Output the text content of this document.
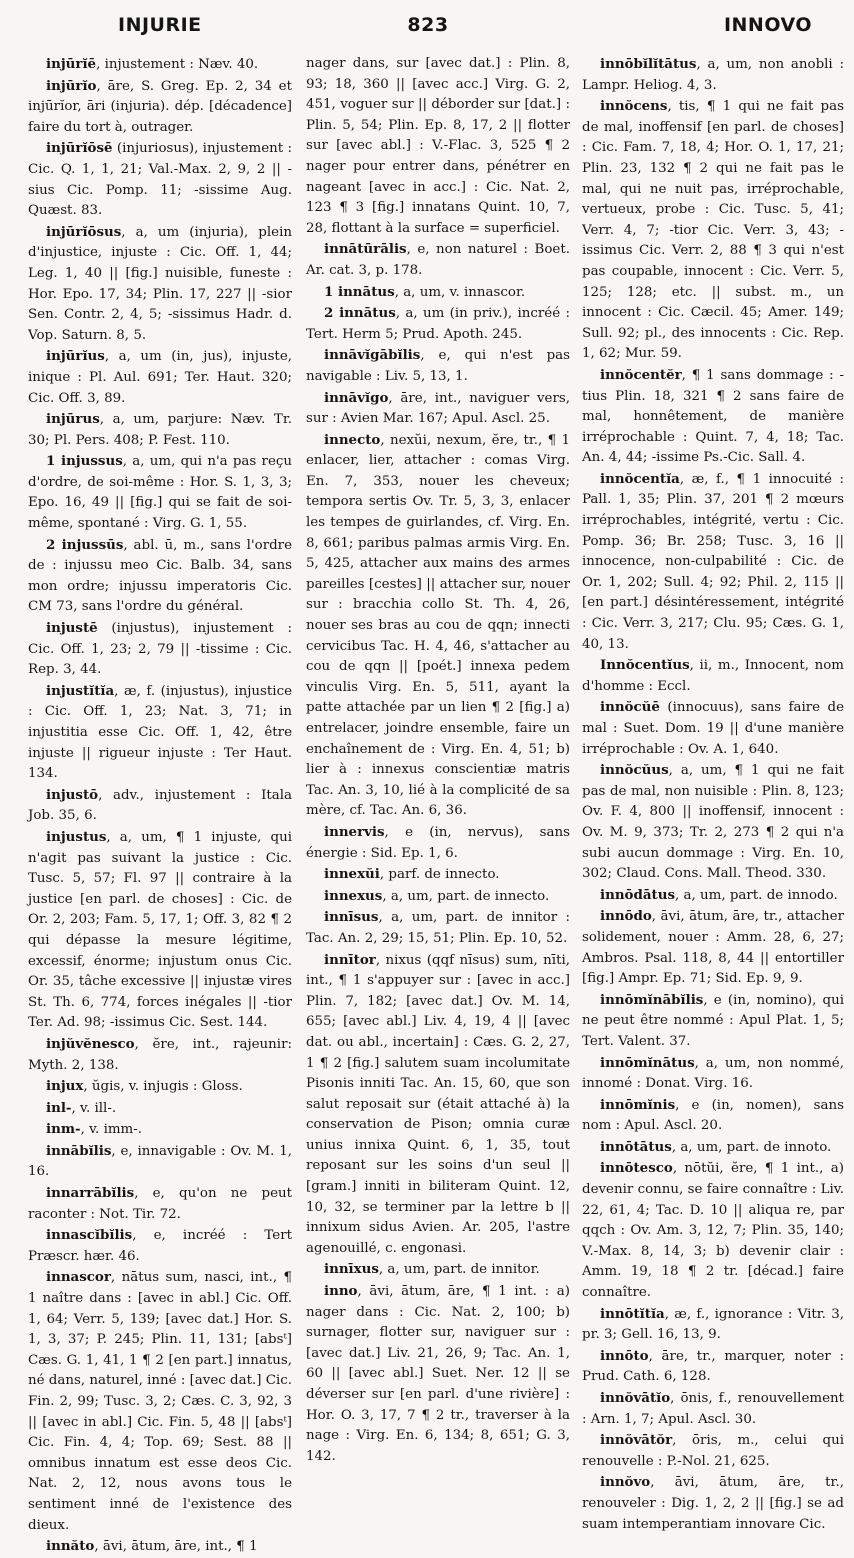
INJURIE	823	INNOVO

injūrĭē, injustement : Næv. 40.

injūrĭo, āre, S. Greg. Ep. 2, 34 et injūrĭor, āri (injuria). dép. [décadence] faire du tort à, outrager.

injūrĭōsē (injuriosus), injustement : Cic. Q. 1, 1, 21; Val.-Max. 2, 9, 2 || -sius Cic. Pomp. 11; -sissime Aug. Quæst. 83.

injūrĭōsus, a, um (injuria), plein d'injustice, injuste : Cic. Off. 1, 44; Leg. 1, 40 || [fig.] nuisible, funeste : Hor. Epo. 17, 34; Plin. 17, 227 || -sior Sen. Contr. 2, 4, 5; -sissimus Hadr. d. Vop. Saturn. 8, 5.

injūrĭus, a, um (in, jus), injuste, inique : Pl. Aul. 691; Ter. Haut. 320; Cic. Off. 3, 89.

injūrus, a, um, parjure: Næv. Tr. 30; Pl. Pers. 408; P. Fest. 110.

1 injussus, a, um, qui n'a pas reçu d'ordre, de soi-même : Hor. S. 1, 3, 3; Epo. 16, 49 || [fig.] qui se fait de soi-même, spontané : Virg. G. 1, 55.

2 injussūs, abl. ū, m., sans l'ordre de : injussu meo Cic. Balb. 34, sans mon ordre; injussu imperatoris Cic. CM 73, sans l'ordre du général.

injustē (injustus), injustement : Cic. Off. 1, 23; 2, 79 || -tissime : Cic. Rep. 3, 44.

injustĭtĭa, æ, f. (injustus), injustice : Cic. Off. 1, 23; Nat. 3, 71; in injustitia esse Cic. Off. 1, 42, être injuste || rigueur injuste : Ter Haut. 134.

injustō, adv., injustement : Itala Job. 35, 6.

injustus, a, um, ¶ 1 injuste, qui n'agit pas suivant la justice : Cic. Tusc. 5, 57; Fl. 97 || contraire à la justice [en parl. de choses] : Cic. de Or. 2, 203; Fam. 5, 17, 1; Off. 3, 82 ¶ 2 qui dépasse la mesure légitime, excessif, énorme; injustum onus Cic. Or. 35, tâche excessive || injustæ vires St. Th. 6, 774, forces inégales || -tior Ter. Ad. 98; -issimus Cic. Sest. 144.

injŭvĕnesco, ĕre, int., rajeunir: Myth. 2, 138.

injux, ŭgis, v. injugis : Gloss.

inl-, v. ill-.

inm-, v. imm-.

innābĭlis, e, innavigable : Ov. M. 1, 16.

innarrābĭlis, e, qu'on ne peut raconter : Not. Tir. 72.

innascĭbĭlis, e, incréé : Tert Præscr. hær. 46.

innascor, nātus sum, nasci, int., ¶ 1 naître dans : [avec in abl.] Cic. Off. 1, 64; Verr. 5, 139; [avec dat.] Hor. S. 1, 3, 37; P. 245; Plin. 11, 131; [absᵗ] Cæs. G. 1, 41, 1 ¶ 2 [en part.] innatus, né dans, naturel, inné : [avec dat.] Cic. Fin. 2, 99; Tusc. 3, 2; Cæs. C. 3, 92, 3 || [avec in abl.] Cic. Fin. 5, 48 || [absᵗ] Cic. Fin. 4, 4; Top. 69; Sest. 88 || omnibus innatum est esse deos Cic. Nat. 2, 12, nous avons tous le sentiment inné de l'existence des dieux.

innăto, āvi, ātum, āre, int., ¶ 1

nager dans, sur [avec dat.] : Plin. 8, 93; 18, 360 || [avec acc.] Virg. G. 2, 451, voguer sur || déborder sur [dat.] : Plin. 5, 54; Plin. Ep. 8, 17, 2 || flotter sur [avec abl.] : V.-Flac. 3, 525 ¶ 2 nager pour entrer dans, pénétrer en nageant [avec in acc.] : Cic. Nat. 2, 123 ¶ 3 [fig.] innatans Quint. 10, 7, 28, flottant à la surface = superficiel.

innātūrālis, e, non naturel : Boet. Ar. cat. 3, p. 178.

1 innātus, a, um, v. innascor.

2 innātus, a, um (in priv.), incréé : Tert. Herm 5; Prud. Apoth. 245.

innāvĭgābĭlis, e, qui n'est pas navigable : Liv. 5, 13, 1.

innāvĭgo, āre, int., naviguer vers, sur : Avien Mar. 167; Apul. Ascl. 25.

innecto, nexŭi, nexum, ĕre, tr., ¶ 1 enlacer, lier, attacher : comas Virg. En. 7, 353, nouer les cheveux; tempora sertis Ov. Tr. 5, 3, 3, enlacer les tempes de guirlandes, cf. Virg. En. 8, 661; paribus palmas armis Virg. En. 5, 425, attacher aux mains des armes pareilles [cestes] || attacher sur, nouer sur : bracchia collo St. Th. 4, 26, nouer ses bras au cou de qqn; innecti cervicibus Tac. H. 4, 46, s'attacher au cou de qqn || [poét.] innexa pedem vinculis Virg. En. 5, 511, ayant la patte attachée par un lien ¶ 2 [fig.] a) entrelacer, joindre ensemble, faire un enchaînement de : Virg. En. 4, 51; b) lier à : innexus conscientiæ matris Tac. An. 3, 10, lié à la complicité de sa mère, cf. Tac. An. 6, 36.

innervis, e (in, nervus), sans énergie : Sid. Ep. 1, 6.

innexŭi, parf. de innecto.

innexus, a, um, part. de innecto.

innīsus, a, um, part. de innitor : Tac. An. 2, 29; 15, 51; Plin. Ep. 10, 52.

innītor, nixus (qqf nīsus) sum, nīti, int., ¶ 1 s'appuyer sur : [avec in acc.] Plin. 7, 182; [avec dat.] Ov. M. 14, 655; [avec abl.] Liv. 4, 19, 4 || [avec dat. ou abl., incertain] : Cæs. G. 2, 27, 1 ¶ 2 [fig.] salutem suam incolumitate Pisonis inniti Tac. An. 15, 60, que son salut reposait sur (était attaché à) la conservation de Pison; omnia curæ unius innixa Quint. 6, 1, 35, tout reposant sur les soins d'un seul || [gram.] inniti in biliteram Quint. 12, 10, 32, se terminer par la lettre b || innixum sidus Avien. Ar. 205, l'astre agenouillé, c. engonasi.

innīxus, a, um, part. de innitor.

inno, āvi, ātum, āre, ¶ 1 int. : a) nager dans : Cic. Nat. 2, 100; b) surnager, flotter sur, naviguer sur : [avec dat.] Liv. 21, 26, 9; Tac. An. 1, 60 || [avec abl.] Suet. Ner. 12 || se déverser sur [en parl. d'une rivière] : Hor. O. 3, 17, 7 ¶ 2 tr., traverser à la nage : Virg. En. 6, 134; 8, 651; G. 3, 142.

innōbĭlĭtātus, a, um, non anobli : Lampr. Heliog. 4, 3.

innŏcens, tis, ¶ 1 qui ne fait pas de mal, inoffensif [en parl. de choses] : Cic. Fam. 7, 18, 4; Hor. O. 1, 17, 21; Plin. 23, 132 ¶ 2 qui ne fait pas le mal, qui ne nuit pas, irréprochable, vertueux, probe : Cic. Tusc. 5, 41; Verr. 4, 7; -tior Cic. Verr. 3, 43; -issimus Cic. Verr. 2, 88 ¶ 3 qui n'est pas coupable, innocent : Cic. Verr. 5, 125; 128; etc. || subst. m., un innocent : Cic. Cæcil. 45; Amer. 149; Sull. 92; pl., des innocents : Cic. Rep. 1, 62; Mur. 59.

innŏcentĕr, ¶ 1 sans dommage : -tius Plin. 18, 321 ¶ 2 sans faire de mal, honnêtement, de manière irréprochable : Quint. 7, 4, 18; Tac. An. 4, 44; -issime Ps.-Cic. Sall. 4.

innŏcentĭa, æ, f., ¶ 1 innocuité : Pall. 1, 35; Plin. 37, 201 ¶ 2 mœurs irréprochables, intégrité, vertu : Cic. Pomp. 36; Br. 258; Tusc. 3, 16 || innocence, non-culpabilité : Cic. de Or. 1, 202; Sull. 4; 92; Phil. 2, 115 || [en part.] désintéressement, intégrité : Cic. Verr. 3, 217; Clu. 95; Cæs. G. 1, 40, 13.

Innŏcentĭus, ii, m., Innocent, nom d'homme : Eccl.

innŏcŭē (innocuus), sans faire de mal : Suet. Dom. 19 || d'une manière irréprochable : Ov. A. 1, 640.

innŏcŭus, a, um, ¶ 1 qui ne fait pas de mal, non nuisible : Plin. 8, 123; Ov. F. 4, 800 || inoffensif, innocent : Ov. M. 9, 373; Tr. 2, 273 ¶ 2 qui n'a subi aucun dommage : Virg. En. 10, 302; Claud. Cons. Mall. Theod. 330.

innōdātus, a, um, part. de innodo.

innōdo, āvi, ātum, āre, tr., attacher solidement, nouer : Amm. 28, 6, 27; Ambros. Psal. 118, 8, 44 || entortiller [fig.] Ampr. Ep. 71; Sid. Ep. 9, 9.

innōmĭnābĭlis, e (in, nomino), qui ne peut être nommé : Apul Plat. 1, 5; Tert. Valent. 37.

innōmĭnātus, a, um, non nommé, innomé : Donat. Virg. 16.

innōmĭnis, e (in, nomen), sans nom : Apul. Ascl. 20.

innōtātus, a, um, part. de innoto.

innōtesco, nōtŭi, ĕre, ¶ 1 int., a) devenir connu, se faire connaître : Liv. 22, 61, 4; Tac. D. 10 || aliqua re, par qqch : Ov. Am. 3, 12, 7; Plin. 35, 140; V.-Max. 8, 14, 3; b) devenir clair : Amm. 19, 18 ¶ 2 tr. [décad.] faire connaître.

innōtĭtĭa, æ, f., ignorance : Vitr. 3, pr. 3; Gell. 16, 13, 9.

innōto, āre, tr., marquer, noter : Prud. Cath. 6, 128.

innŏvātĭo, ōnis, f., renouvellement : Arn. 1, 7; Apul. Ascl. 30.

innŏvātŏr, ōris, m., celui qui renouvelle : P.-Nol. 21, 625.

innŏvo, āvi, ātum, āre, tr., renouveler : Dig. 1, 2, 2 || [fig.] se ad suam intemperantiam innovare Cic.
